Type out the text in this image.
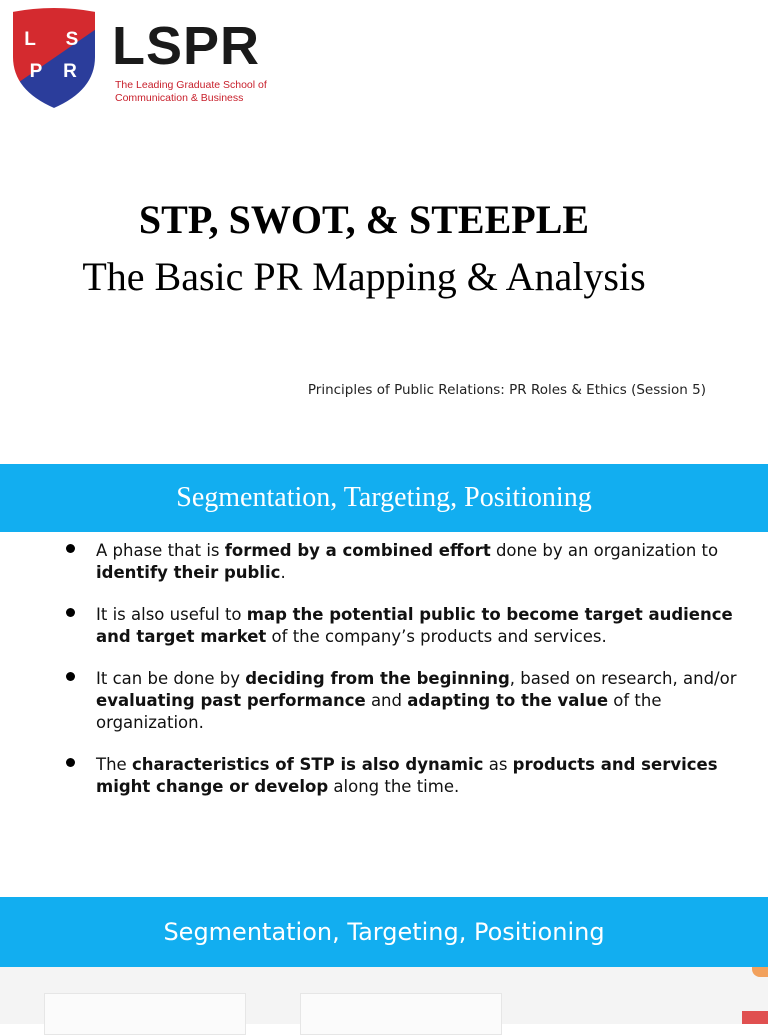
L S
P R LSPR
The Leading Graduate School of
Communication & Business
STP, SWOT, & STEEPLE
The Basic PR Mapping & Analysis
Principles of Public Relations: PR Roles & Ethics (Session 5)
Segmentation, Targeting, Positioning
A phase that is formed by a combined effort done by an organization to identify their public.
It is also useful to map the potential public to become target audience and target market of the company’s products and services.
It can be done by deciding from the beginning, based on research, and/or evaluating past performance and adapting to the value of the organization.
The characteristics of STP is also dynamic as products and services might change or develop along the time.
Segmentation, Targeting, Positioning
